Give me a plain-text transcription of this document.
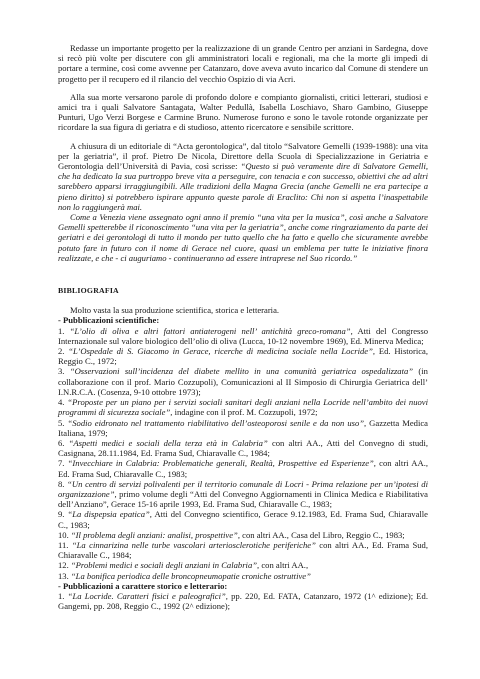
Redasse un importante progetto per la realizzazione di un grande Centro per anziani in Sardegna, dove si recò più volte per discutere con gli amministratori locali e regionali, ma che la morte gli impedì di portare a termine, così come avvenne per Catanzaro, dove aveva avuto incarico dal Comune di stendere un progetto per il recupero ed il rilancio del vecchio Ospizio di via Acri.

Alla sua morte versarono parole di profondo dolore e compianto giornalisti, critici letterari, studiosi e amici tra i quali Salvatore Santagata, Walter Pedullà, Isabella Loschiavo, Sharo Gambino, Giuseppe Punturi, Ugo Verzi Borgese e Carmine Bruno. Numerose furono e sono le tavole rotonde organizzate per ricordare la sua figura di geriatra e di studioso, attento ricercatore e sensibile scrittore.

A chiusura di un editoriale di “Acta gerontologica”, dal titolo “Salvatore Gemelli (1939-1988): una vita per la geriatria”, il prof. Pietro De Nicola, Direttore della Scuola di Specializzazione in Geriatria e Gerontologia dell’Università di Pavia, così scrisse: “Questo si può veramente dire di Salvatore Gemelli, che ha dedicato la sua purtroppo breve vita a perseguire, con tenacia e con successo, obiettivi che ad altri sarebbero apparsi irraggiungibili. Alle tradizioni della Magna Grecia (anche Gemelli ne era partecipe a pieno diritto) si potrebbero ispirare appunto queste parole di Eraclito: Chi non si aspetta l’inaspettabile non lo raggiungerà mai.

Come a Venezia viene assegnato ogni anno il premio “una vita per la musica”, così anche a Salvatore Gemelli spetterebbe il riconoscimento “una vita per la geriatria”, anche come ringraziamento da parte dei geriatri e dei gerontologi di tutto il mondo per tutto quello che ha fatto e quello che sicuramente avrebbe potuto fare in futuro con il nome di Gerace nel cuore, quasi un emblema per tutte le iniziative finora realizzate, e che - ci auguriamo - continueranno ad essere intraprese nel Suo ricordo.”

BIBLIOGRAFIA

Molto vasta la sua produzione scientifica, storica e letteraria.

- Pubblicazioni scientifiche:
1. “L’olio di oliva e altri fattori antiaterogeni nell’ antichità greco-romana”, Atti del Congresso Internazionale sul valore biologico dell’olio di oliva (Lucca, 10-12 novembre 1969), Ed. Minerva Medica;
2. “L’Ospedale di S. Giacomo in Gerace, ricerche di medicina sociale nella Locride”, Ed. Historica, Reggio C., 1972;
3. “Osservazioni sull’incidenza del diabete mellito in una comunità geriatrica ospedalizzata” (in collaborazione con il prof. Mario Cozzupoli), Comunicazioni al II Simposio di Chirurgia Geriatrica dell’ I.N.R.C.A. (Cosenza, 9-10 ottobre 1973);
4. “Proposte per un piano per i servizi sociali sanitari degli anziani nella Locride nell’ambito dei nuovi programmi di sicurezza sociale”, indagine con il prof. M. Cozzupoli, 1972;
5. “Sodio eidronato nel trattamento riabilitativo dell’osteoporosi senile e da non uso”, Gazzetta Medica Italiana, 1979;
6. “Aspetti medici e sociali della terza età in Calabria” con altri AA., Atti del Convegno di studi, Casignana, 28.11.1984, Ed. Frama Sud, Chiaravalle C., 1984;
7. “Invecchiare in Calabria: Problematiche generali, Realtà, Prospettive ed Esperienze”, con altri AA., Ed. Frama Sud, Chiaravalle C., 1983;
8. “Un centro di servizi polivalenti per il territorio comunale di Locri - Prima relazione per un’ipotesi di organizzazione”, primo volume degli “Atti del Convegno Aggiornamenti in Clinica Medica e Riabilitativa dell’Anziano”, Gerace 15-16 aprile 1993, Ed. Frama Sud, Chiaravalle C., 1983;
9. “La dispepsia epatica”, Atti del Convegno scientifico, Gerace 9.12.1983, Ed. Frama Sud, Chiaravalle C., 1983;
10. “Il problema degli anziani: analisi, prospettive”, con altri AA., Casa del Libro, Reggio C., 1983;
11. “La cinnarizina nelle turbe vascolari arteriosclerotiche periferiche” con altri AA., Ed. Frama Sud, Chiaravalle C., 1984;
12. “Problemi medici e sociali degli anziani in Calabria”, con altri AA.,
13. “La bonifica periodica delle broncopneumopatie croniche ostruttive”
- Pubblicazioni a carattere storico e letterario:
1. “La Locride. Caratteri fisici e paleografici”, pp. 220, Ed. FATA, Catanzaro, 1972 (1^ edizione); Ed. Gangemi, pp. 208, Reggio C., 1992 (2^ edizione);
